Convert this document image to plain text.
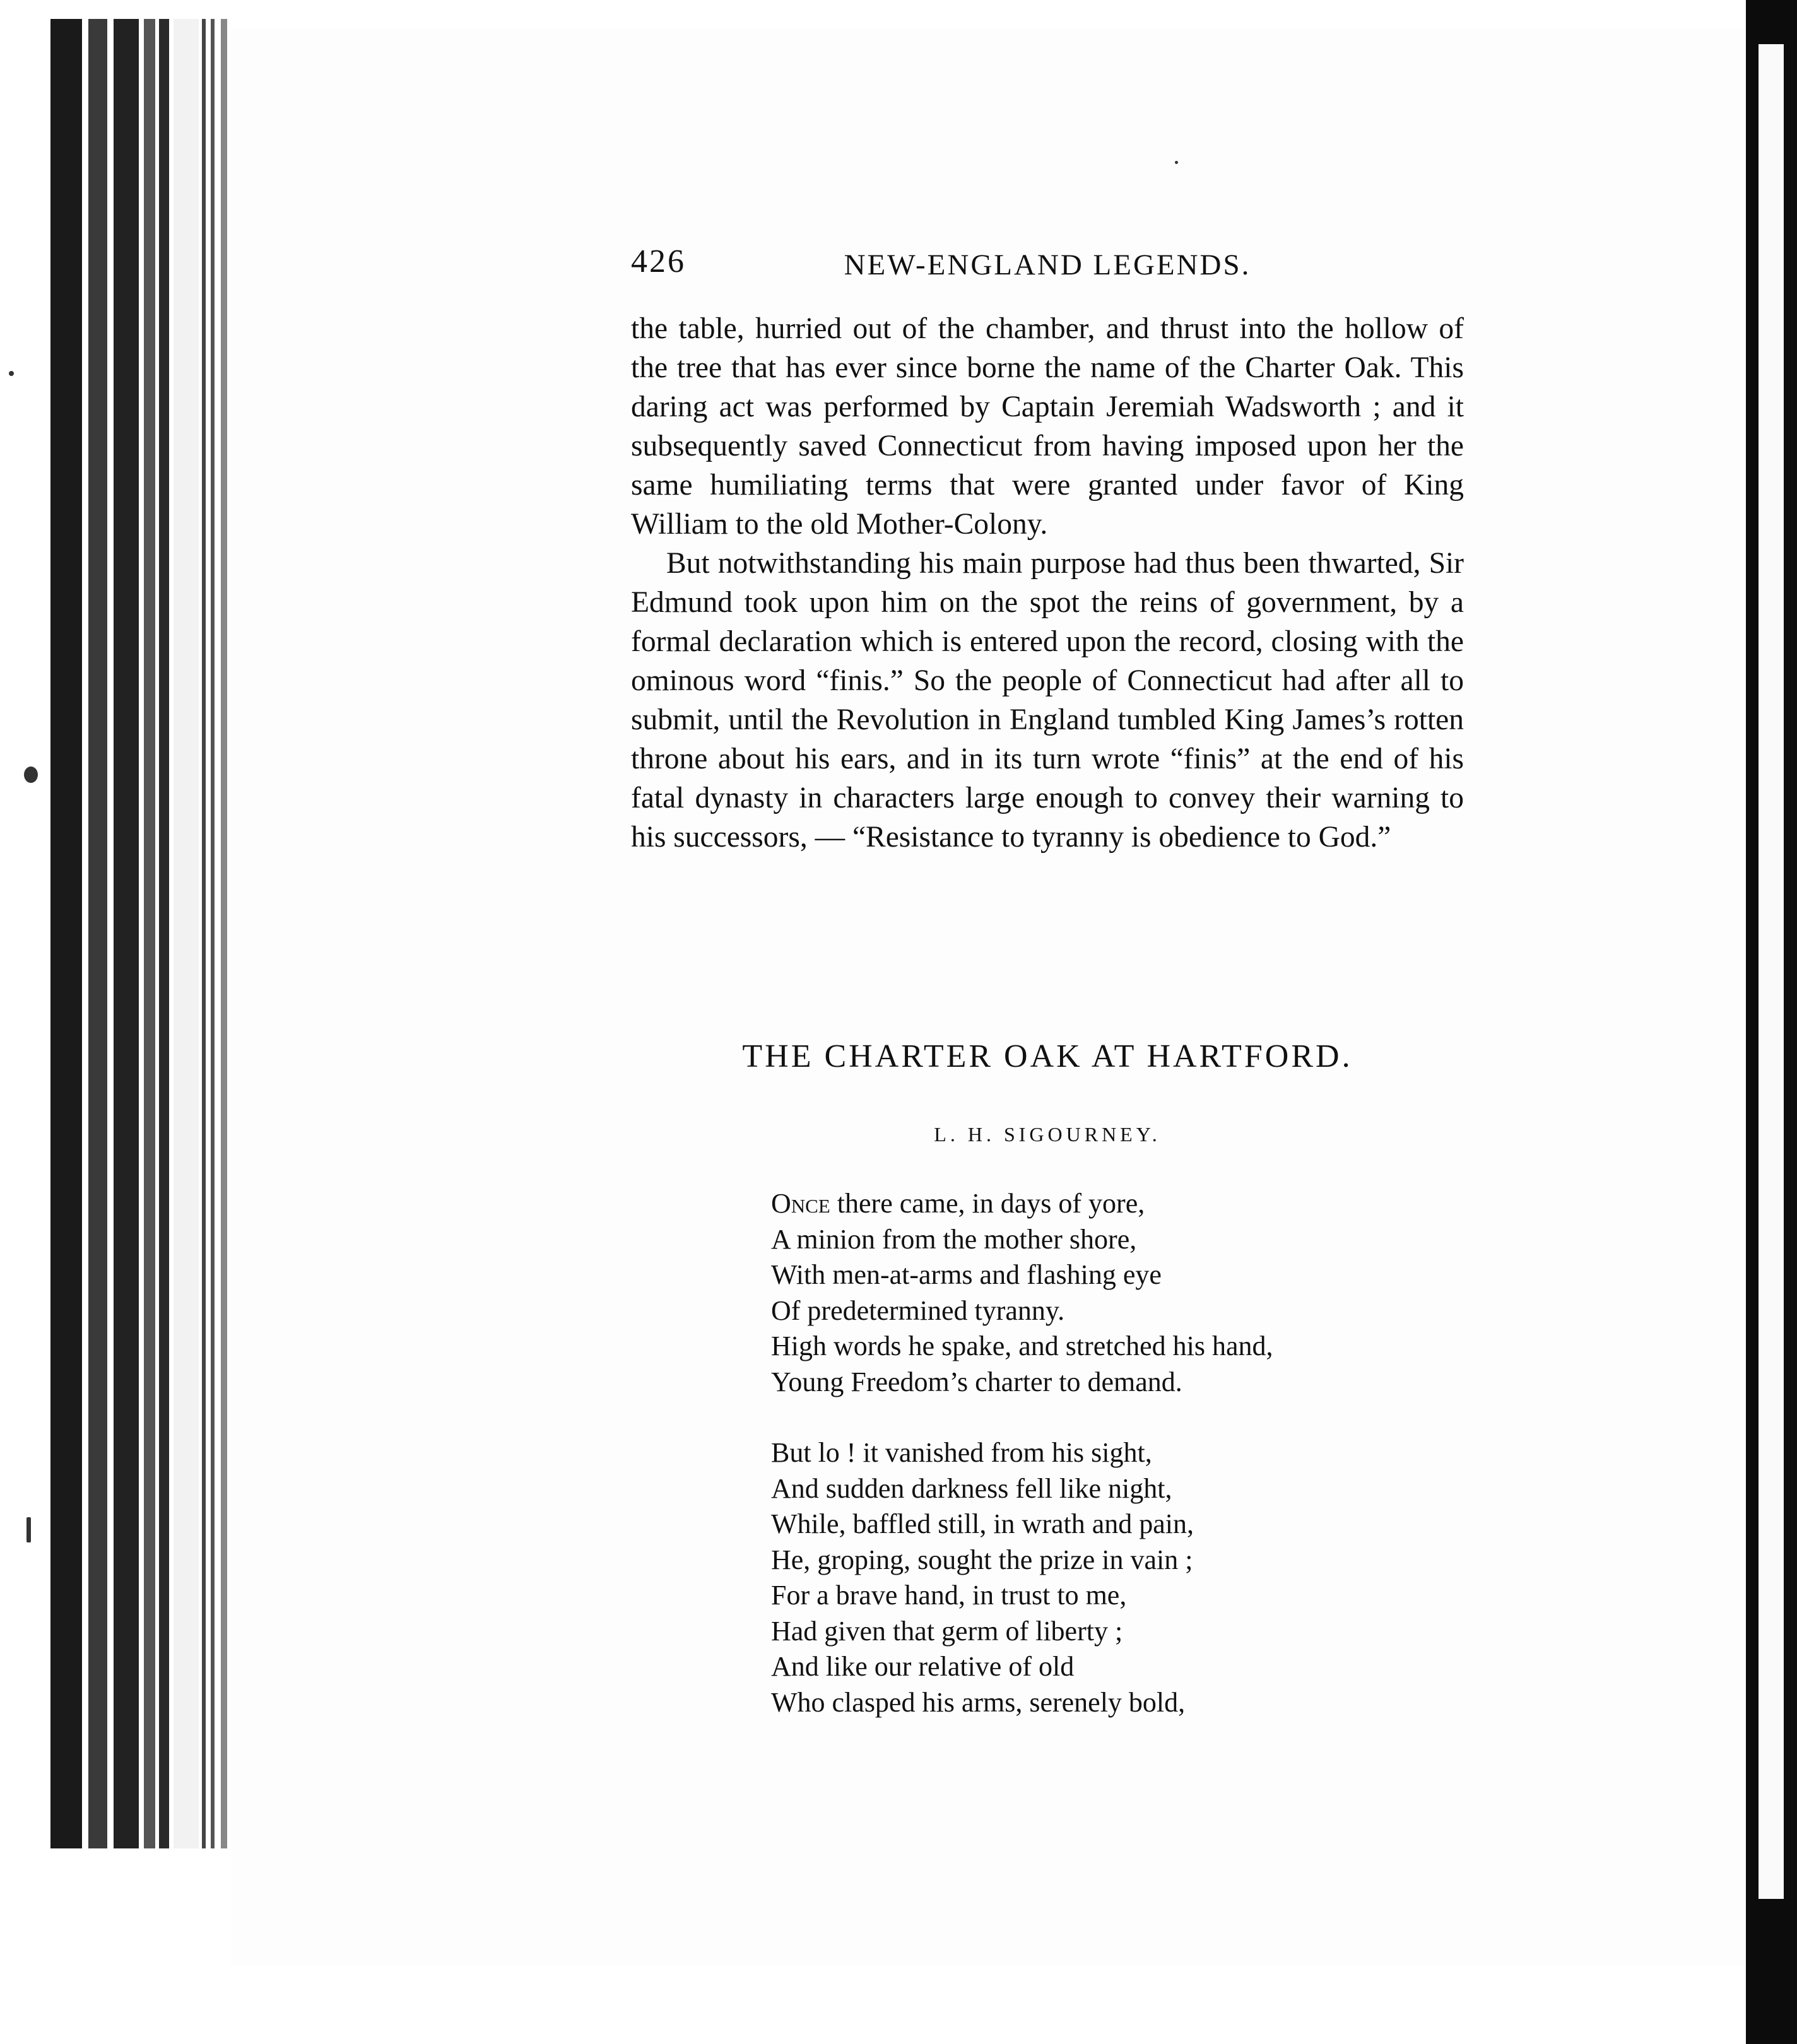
426	NEW-ENGLAND LEGENDS.

the table, hurried out of the chamber, and thrust into the hollow of the tree that has ever since borne the name of the Charter Oak. This daring act was performed by Captain Jeremiah Wadsworth ; and it subsequently saved Connecticut from having imposed upon her the same humiliating terms that were granted under favor of King William to the old Mother-Colony.

But notwithstanding his main purpose had thus been thwarted, Sir Edmund took upon him on the spot the reins of government, by a formal declaration which is entered upon the record, closing with the ominous word “finis.” So the people of Connecticut had after all to submit, until the Revolution in England tumbled King James’s rotten throne about his ears, and in its turn wrote “finis” at the end of his fatal dynasty in characters large enough to convey their warning to his successors, — “Resistance to tyranny is obedience to God.”

THE CHARTER OAK AT HARTFORD.
L. H. SIGOURNEY.
Once there came, in days of yore,
A minion from the mother shore,
With men-at-arms and flashing eye
Of predetermined tyranny.
High words he spake, and stretched his hand,
Young Freedom’s charter to demand.
But lo ! it vanished from his sight,
And sudden darkness fell like night,
While, baffled still, in wrath and pain,
He, groping, sought the prize in vain ;
For a brave hand, in trust to me,
Had given that germ of liberty ;
And like our relative of old
Who clasped his arms, serenely bold,
